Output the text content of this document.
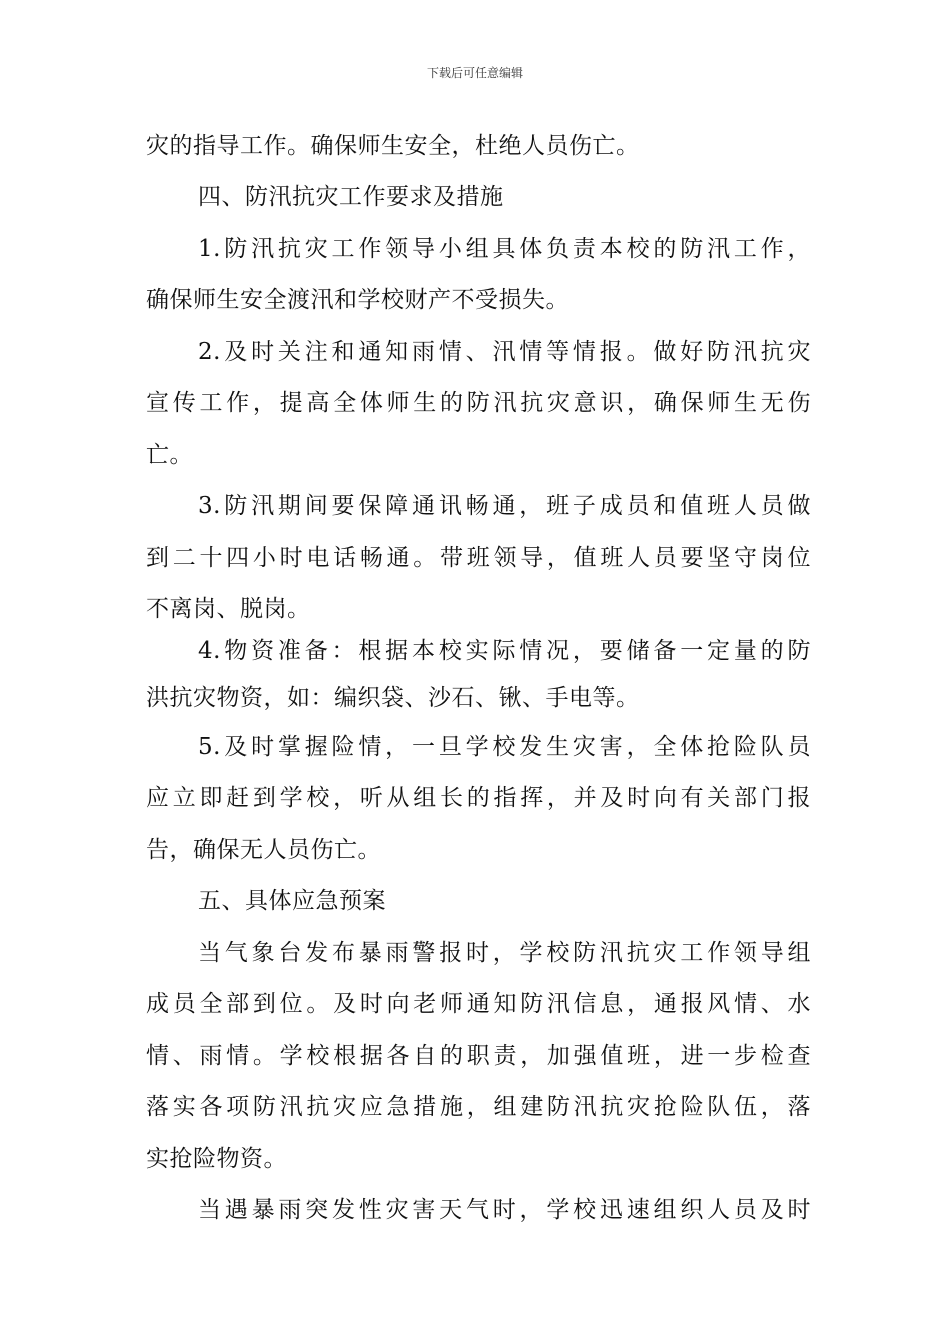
下载后可任意编辑
灾的指导工作。确保师生安全，杜绝人员伤亡。
四、防汛抗灾工作要求及措施
1.防汛抗灾工作领导小组具体负责本校的防汛工作，
确保师生安全渡汛和学校财产不受损失。
2.及时关注和通知雨情、汛情等情报。做好防汛抗灾
宣传工作，提高全体师生的防汛抗灾意识，确保师生无伤
亡。
3.防汛期间要保障通讯畅通，班子成员和值班人员做
到二十四小时电话畅通。带班领导，值班人员要坚守岗位
不离岗、脱岗。
4.物资准备：根据本校实际情况，要储备一定量的防
洪抗灾物资，如：编织袋、沙石、锹、手电等。
5.及时掌握险情，一旦学校发生灾害，全体抢险队员
应立即赶到学校，听从组长的指挥，并及时向有关部门报
告，确保无人员伤亡。
五、具体应急预案
当气象台发布暴雨警报时，学校防汛抗灾工作领导组
成员全部到位。及时向老师通知防汛信息，通报风情、水
情、雨情。学校根据各自的职责，加强值班，进一步检查
落实各项防汛抗灾应急措施，组建防汛抗灾抢险队伍，落
实抢险物资。
当遇暴雨突发性灾害天气时，学校迅速组织人员及时
